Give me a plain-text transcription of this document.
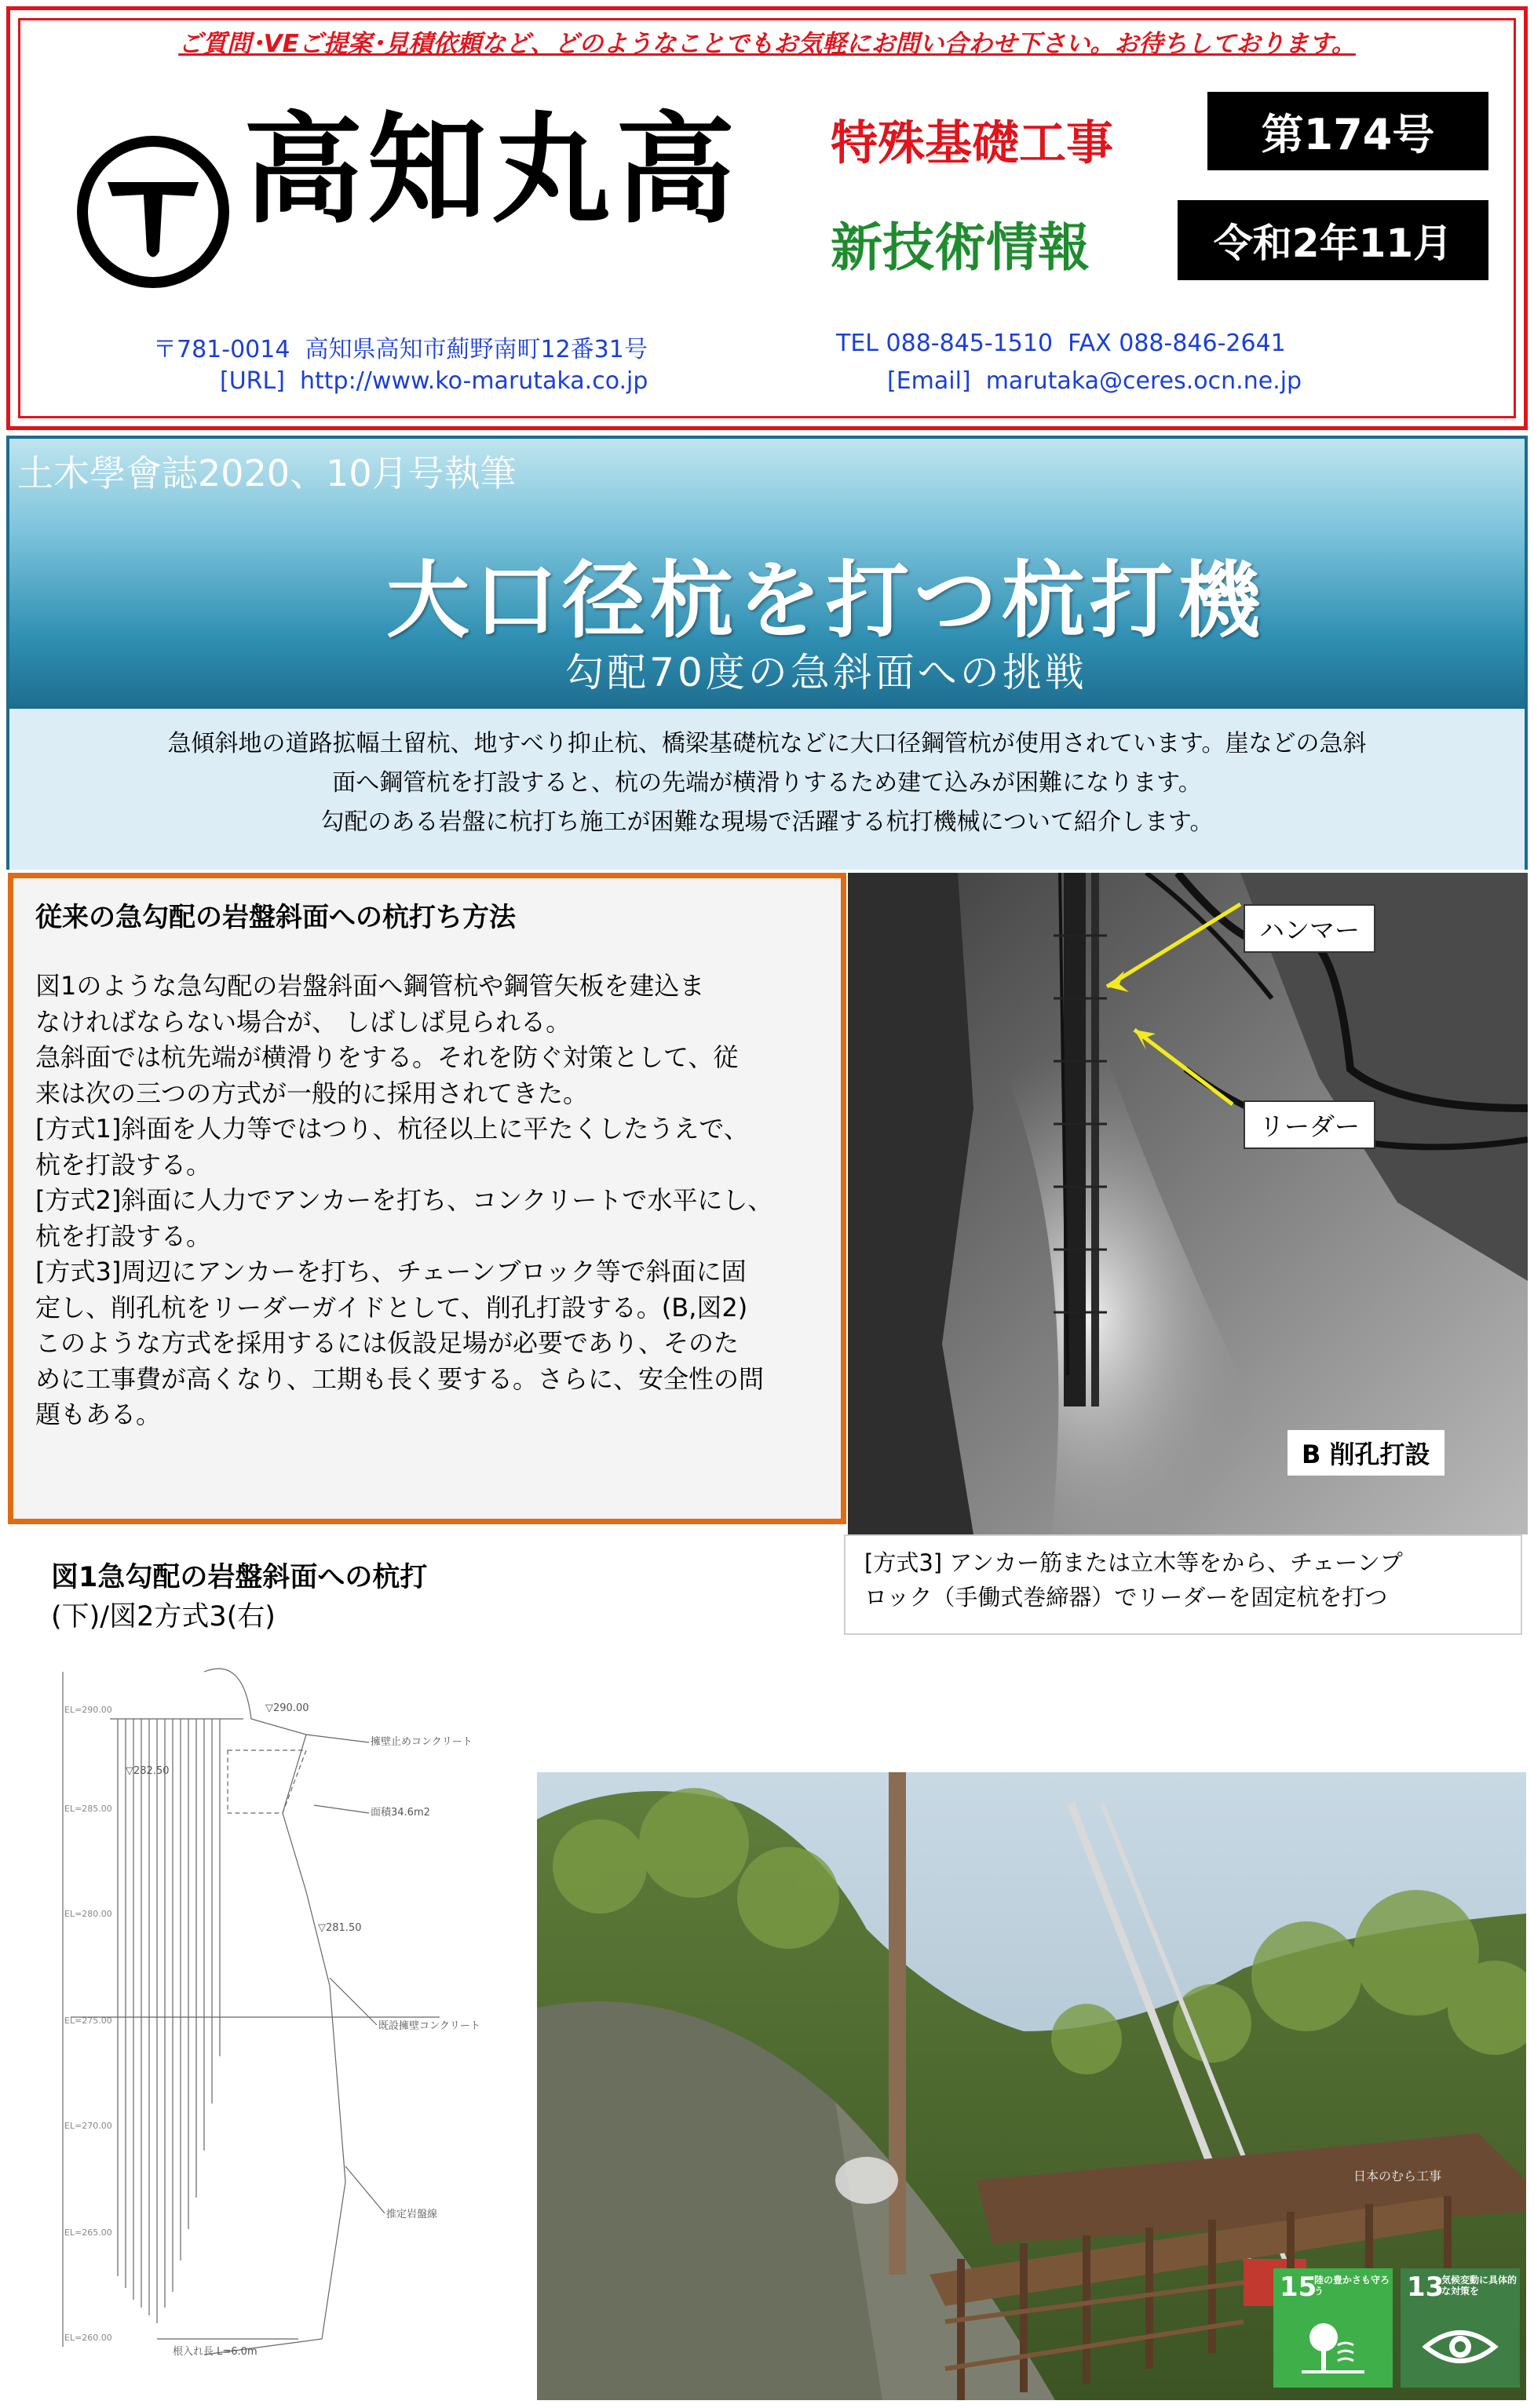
ご質問･VEご提案･見積依頼など、どのようなことでもお気軽にお問い合わせ下さい。お待ちしております。
高知丸高 特殊基礎工事
新技術情報
第174号
令和2年11月
〒781-0014  高知県高知市薊野南町12番31号	TEL 088-845-1510  FAX 088-846-2641
[URL]  http://www.ko-marutaka.co.jp	[Email]  marutaka@ceres.ocn.ne.jp
土木學會誌2020、10月号執筆
大口径杭を打つ杭打機
勾配70度の急斜面への挑戦

急傾斜地の道路拡幅土留杭、地すべり抑止杭、橋梁基礎杭などに大口径鋼管杭が使用されています。崖などの急斜

面へ鋼管杭を打設すると、杭の先端が横滑りするため建て込みが困難になります。

勾配のある岩盤に杭打ち施工が困難な現場で活躍する杭打機械について紹介します。

従来の急勾配の岩盤斜面への杭打ち方法

図1のような急勾配の岩盤斜面へ鋼管杭や鋼管矢板を建込ま

なければならない場合が、 しばしば見られる。

急斜面では杭先端が横滑りをする。それを防ぐ対策として、従

来は次の三つの方式が一般的に採用されてきた。

[方式1]斜面を人力等ではつり、杭径以上に平たくしたうえで、

杭を打設する。

[方式2]斜面に人力でアンカーを打ち、コンクリートで水平にし、

杭を打設する。

[方式3]周辺にアンカーを打ち、チェーンブロック等で斜面に固

定し、削孔杭をリーダーガイドとして、削孔打設する。(B,図2)

このような方式を採用するには仮設足場が必要であり、そのた

めに工事費が高くなり、工期も長く要する。さらに、安全性の問

題もある。

ハンマー
リーダー
B 削孔打設
[方式3] アンカー筋または立木等をから、チェーンプ
ロック（手働式巻締器）でリーダーを固定杭を打つ
図1急勾配の岩盤斜面への杭打
(下)/図2方式3(右)
EL=290.00
EL=285.00
EL=280.00
EL=275.00
EL=270.00
EL=265.00
EL=260.00
▽290.00
▽282.50
▽281.50
擁壁止めコンクリート
面積34.6m2
既設擁壁コンクリート
推定岩盤線
根入れ長 L=6.0m
日本のむら工事
15
陸の豊かさも守ろう	13
気候変動に具体的な対策を
